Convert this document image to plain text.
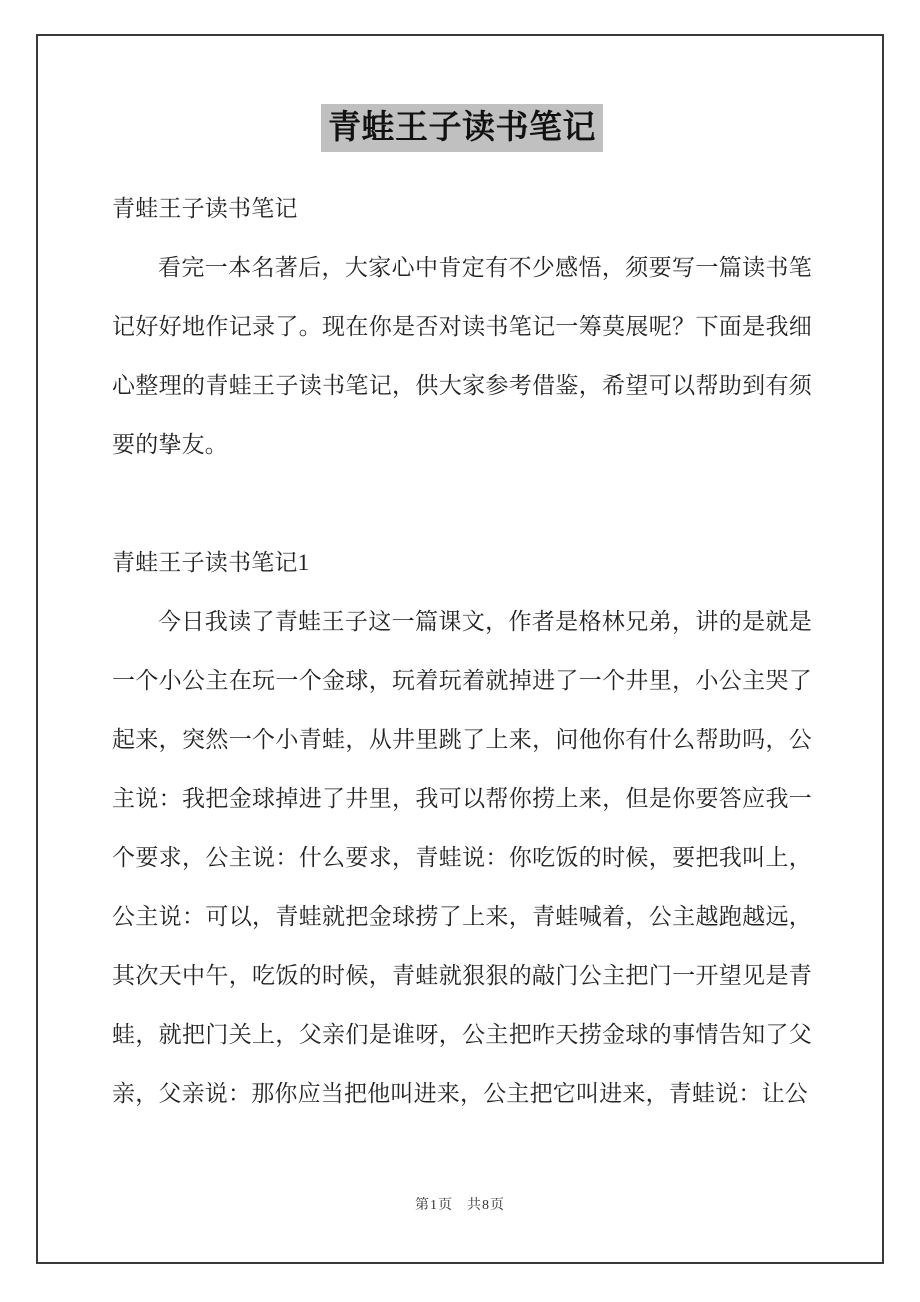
青蛙王子读书笔记

青蛙王子读书笔记

看完一本名著后，大家心中肯定有不少感悟，须要写一篇读书笔记好好地作记录了。现在你是否对读书笔记一筹莫展呢？下面是我细心整理的青蛙王子读书笔记，供大家参考借鉴，希望可以帮助到有须要的挚友。

青蛙王子读书笔记1

今日我读了青蛙王子这一篇课文，作者是格林兄弟，讲的是就是一个小公主在玩一个金球，玩着玩着就掉进了一个井里，小公主哭了起来，突然一个小青蛙，从井里跳了上来，问他你有什么帮助吗，公主说：我把金球掉进了井里，我可以帮你捞上来，但是你要答应我一个要求，公主说：什么要求，青蛙说：你吃饭的时候，要把我叫上，公主说：可以，青蛙就把金球捞了上来，青蛙喊着，公主越跑越远，其次天中午，吃饭的时候，青蛙就狠狠的敲门公主把门一开望见是青蛙，就把门关上，父亲们是谁呀，公主把昨天捞金球的事情告知了父亲，父亲说：那你应当把他叫进来，公主把它叫进来，青蛙说：让公

第1页 共8页
